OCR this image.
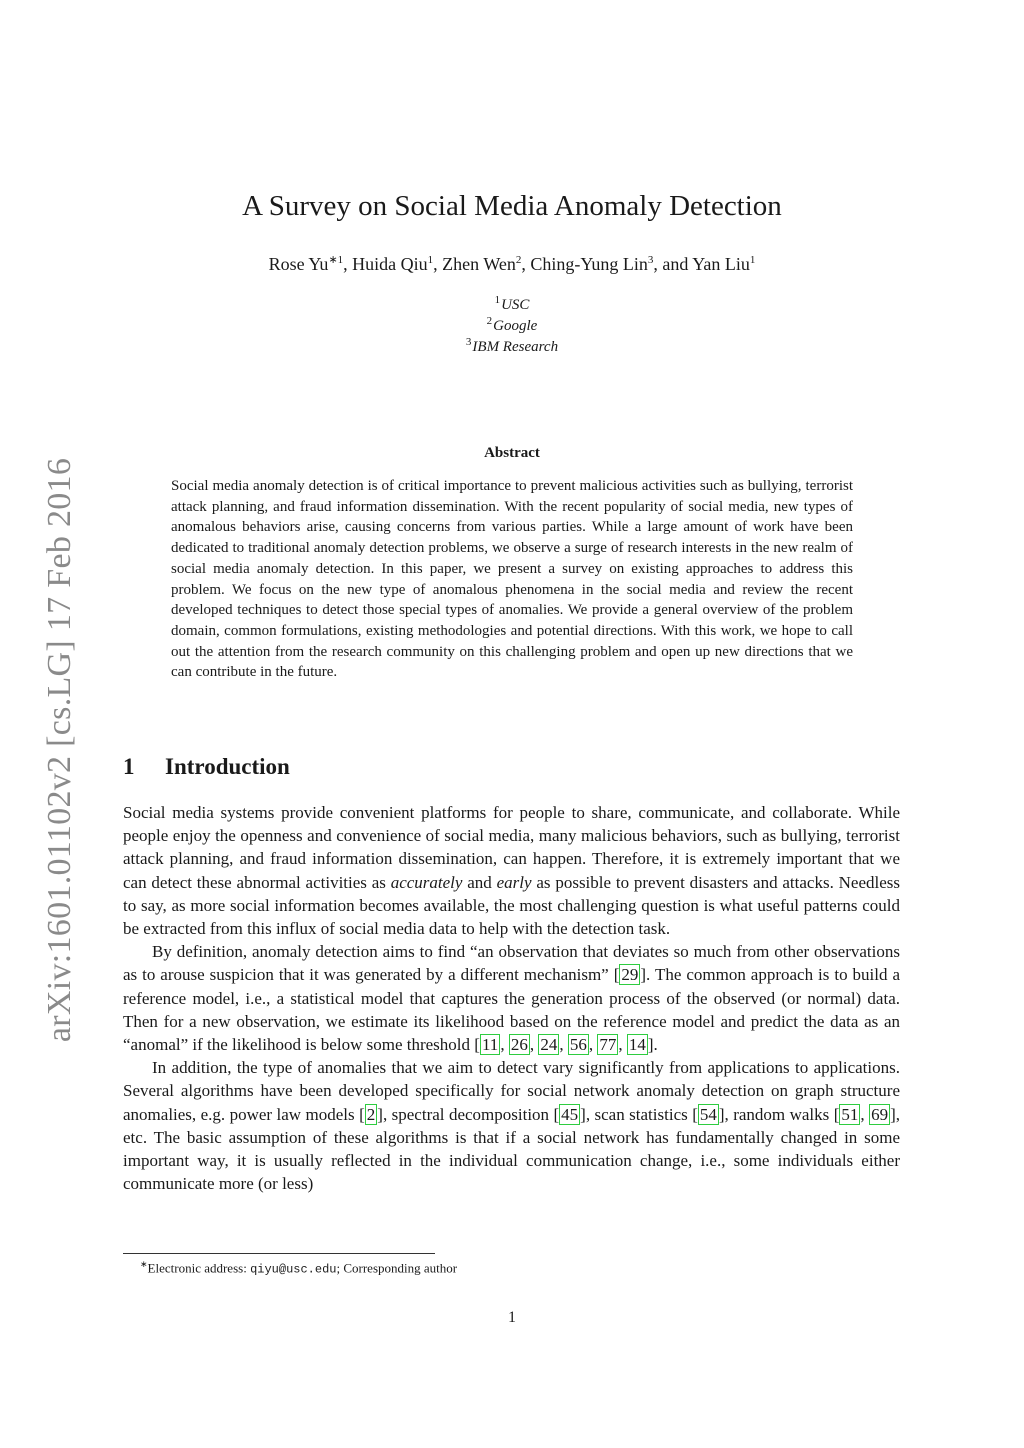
arXiv:1601.01102v2 [cs.LG] 17 Feb 2016
A Survey on Social Media Anomaly Detection
Rose $Yu^{∗1}$, Huida Qiu$^1$, Zhen Wen$^2$, Ching-Yung Lin$^3$, and Yan Liu$^1$
$^1$USC
$^2$Google
$^3$IBM Research
Abstract
Social media anomaly detection is of critical importance to prevent malicious activities such as bullying, terrorist attack planning, and fraud information dissemination. With the recent popularity of social media, new types of anomalous behaviors arise, causing concerns from various parties. While a large amount of work have been dedicated to traditional anomaly detection problems, we observe a surge of research interests in the new realm of social media anomaly detection. In this paper, we present a survey on existing approaches to address this problem. We focus on the new type of anomalous phenomena in the social media and review the recent developed techniques to detect those special types of anomalies. We provide a general overview of the problem domain, common formulations, existing methodologies and potential directions. With this work, we hope to call out the attention from the research community on this challenging problem and open up new directions that we can contribute in the future.
1 Introduction

Social media systems provide convenient platforms for people to share, communicate, and collaborate. While people enjoy the openness and convenience of social media, many malicious behaviors, such as bullying, terrorist attack planning, and fraud information dissemination, can happen. Therefore, it is extremely important that we can detect these abnormal activities as accurately and early as possible to prevent disasters and attacks. Needless to say, as more social information becomes available, the most challenging question is what useful patterns could be extracted from this influx of social media data to help with the detection task.

By definition, anomaly detection aims to find “an observation that deviates so much from other observations as to arouse suspicion that it was generated by a different mechanism” [ 29 ]. The common approach is to build a reference model, i.e., a statistical model that captures the generation process of the observed (or normal) data. Then for a new observation, we estimate its likelihood based on the reference model and predict the data as an “anomal” if the likelihood is below some threshold [ 11 , 26 , 24 , 56 , 77 , 14 ].

In addition, the type of anomalies that we aim to detect vary significantly from applications to applications. Several algorithms have been developed specifically for social network anomaly detection on graph structure anomalies, e.g. power law models [ 2 ], spectral decomposition [ 45 ], scan statistics [ 54 ], random walks [ 51 , 69 ], etc. The basic assumption of these algorithms is that if a social network has fundamentally changed in some important way, it is usually reflected in the individual communication change, i.e., some individuals either communicate more (or less)

∗Electronic address: qiyu@usc.edu; Corresponding author
1
